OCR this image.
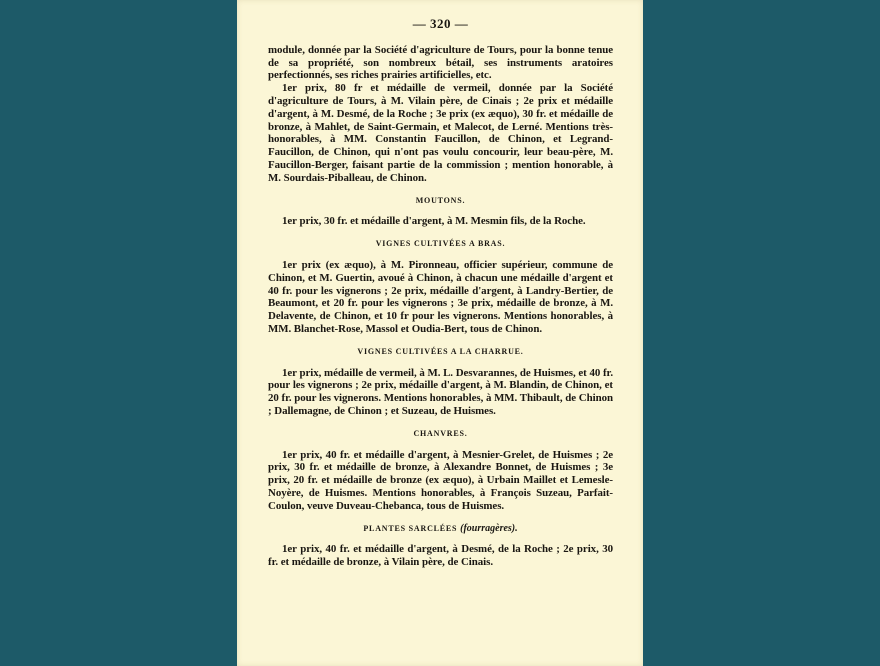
— 320 —

module, donnée par la Société d'agriculture de Tours, pour la bonne tenue de sa propriété, son nombreux bétail, ses instruments aratoires perfectionnés, ses riches prairies artificielles, etc.

1er prix, 80 fr et médaille de vermeil, donnée par la Société d'agriculture de Tours, à M. Vilain père, de Cinais ; 2e prix et médaille d'argent, à M. Desmé, de la Roche ; 3e prix (ex æquo), 30 fr. et médaille de bronze, à Mahlet, de Saint-Germain, et Malecot, de Lerné. Mentions très-honorables, à MM. Constantin Faucillon, de Chinon, et Legrand-Faucillon, de Chinon, qui n'ont pas voulu concourir, leur beau-père, M. Faucillon-Berger, faisant partie de la commission ; mention honorable, à M. Sourdais-Piballeau, de Chinon.

MOUTONS.

1er prix, 30 fr. et médaille d'argent, à M. Mesmin fils, de la Roche.

VIGNES CULTIVÉES A BRAS.

1er prix (ex æquo), à M. Pironneau, officier supérieur, commune de Chinon, et M. Guertin, avoué à Chinon, à chacun une médaille d'argent et 40 fr. pour les vignerons ; 2e prix, médaille d'argent, à Landry-Bertier, de Beaumont, et 20 fr. pour les vignerons ; 3e prix, médaille de bronze, à M. Delavente, de Chinon, et 10 fr pour les vignerons. Mentions honorables, à MM. Blanchet-Rose, Massol et Oudia-Bert, tous de Chinon.

VIGNES CULTIVÉES A LA CHARRUE.

1er prix, médaille de vermeil, à M. L. Desvarannes, de Huismes, et 40 fr. pour les vignerons ; 2e prix, médaille d'argent, à M. Blandin, de Chinon, et 20 fr. pour les vignerons. Mentions honorables, à MM. Thibault, de Chinon ; Dallemagne, de Chinon ; et Suzeau, de Huismes.

CHANVRES.

1er prix, 40 fr. et médaille d'argent, à Mesnier-Grelet, de Huismes ; 2e prix, 30 fr. et médaille de bronze, à Alexandre Bonnet, de Huismes ; 3e prix, 20 fr. et médaille de bronze (ex æquo), à Urbain Maillet et Lemesle-Noyère, de Huismes. Mentions honorables, à François Suzeau, Parfait-Coulon, veuve Duveau-Chebanca, tous de Huismes.

PLANTES SARCLÉES (fourragères).

1er prix, 40 fr. et médaille d'argent, à Desmé, de la Roche ; 2e prix, 30 fr. et médaille de bronze, à Vilain père, de Cinais.
